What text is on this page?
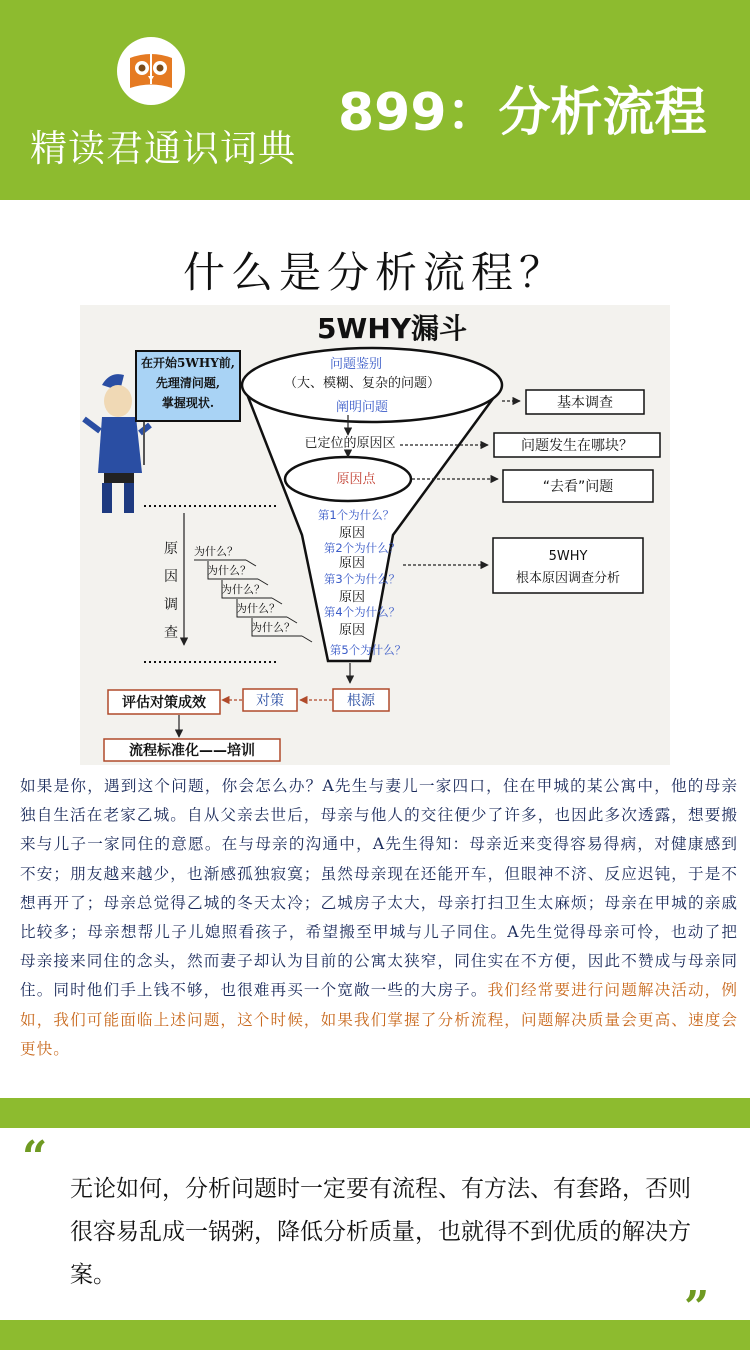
精读君通识词典
899：分析流程
什么是分析流程？
5WHY漏斗
问题鉴别
（大、模糊、复杂的问题）
阐明问题
已定位的原因区
原因点
第1个为什么？
原因
第2个为什么？
原因
第3个为什么？
原因
第4个为什么？
原因
第5个为什么？
基本调查
问题发生在哪块？
“去看”问题
5WHY
根本原因调查分析
在开始5WHY前,
先理清问题,
掌握现状.
原
因
调
查
为什么？
为什么？
为什么？
为什么？
为什么？
根源
对策
评估对策成效
流程标准化——培训

如果是你，遇到这个问题，你会怎么办？A先生与妻儿一家四口，住在甲城的某公寓中，他的母亲独自生活在老家乙城。自从父亲去世后，母亲与他人的交往便少了许多，也因此多次透露，想要搬来与儿子一家同住的意愿。在与母亲的沟通中，A先生得知：母亲近来变得容易得病，对健康感到不安；朋友越来越少，也渐感孤独寂寞；虽然母亲现在还能开车，但眼神不济、反应迟钝，于是不想再开了；母亲总觉得乙城的冬天太冷；乙城房子太大，母亲打扫卫生太麻烦；母亲在甲城的亲戚比较多；母亲想帮儿子儿媳照看孩子，希望搬至甲城与儿子同住。A先生觉得母亲可怜，也动了把母亲接来同住的念头，然而妻子却认为目前的公寓太狭窄，同住实在不方便，因此不赞成与母亲同住。同时他们手上钱不够，也很难再买一个宽敞一些的大房子。我们经常要进行问题解决活动，例如，我们可能面临上述问题，这个时候，如果我们掌握了分析流程，问题解决质量会更高、速度会更快。

“

无论如何，分析问题时一定要有流程、有方法、有套路，否则很容易乱成一锅粥，降低分析质量，也就得不到优质的解决方案。

”
